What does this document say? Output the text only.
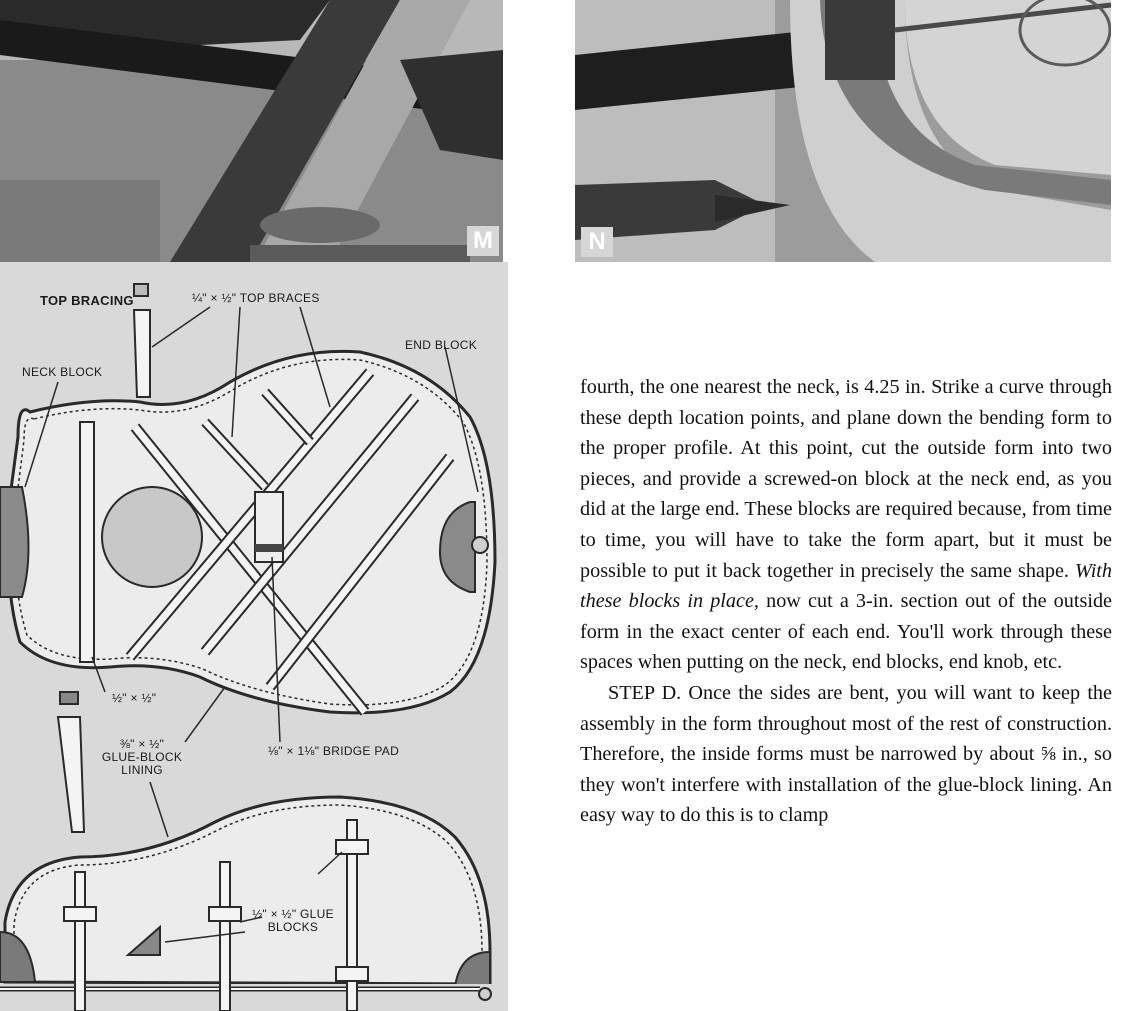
M	N
TOP BRACING	¼" × ½" TOP BRACES
END BLOCK
NECK BLOCK
½" × ½"
⅜" × ½" GLUE-BLOCK LINING
⅛" × 1⅛" BRIDGE PAD
½" × ½" GLUE BLOCKS

fourth, the one nearest the neck, is 4.25 in. Strike a curve through these depth location points, and plane down the bending form to the proper profile. At this point, cut the outside form into two pieces, and provide a screwed-on block at the neck end, as you did at the large end. These blocks are required because, from time to time, you will have to take the form apart, but it must be possible to put it back together in precisely the same shape. With these blocks in place, now cut a 3-in. section out of the outside form in the exact center of each end. You'll work through these spaces when putting on the neck, end blocks, end knob, etc.

STEP D. Once the sides are bent, you will want to keep the assembly in the form throughout most of the rest of construction. Therefore, the inside forms must be narrowed by about ⅝ in., so they won't interfere with installation of the glue-block lining. An easy way to do this is to clamp
